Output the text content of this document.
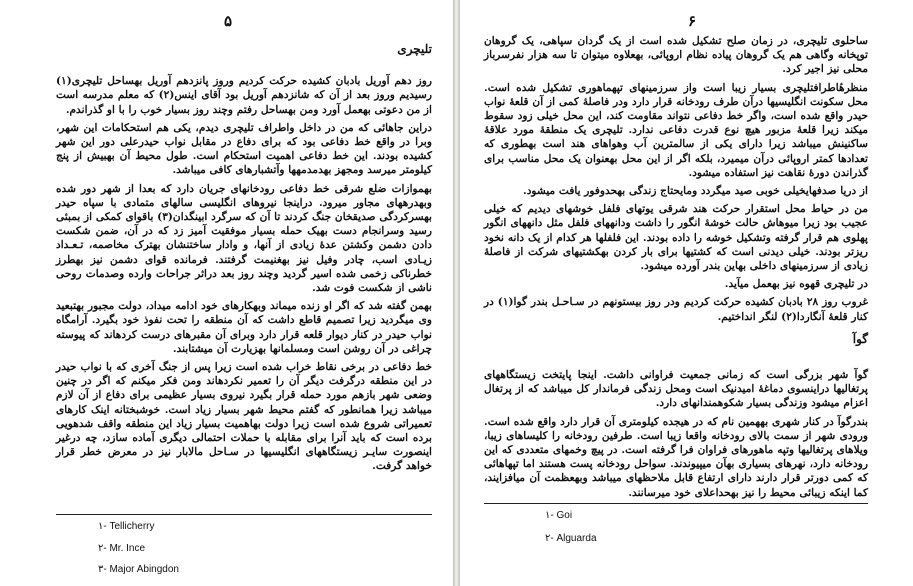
۵
تلیچری

روز دهم آوریل بادبان کشیده حرکت کردیم وروز پانزدهم آوریل بهساحل تلیچری(۱) رسیدیم وروز بعد از آن که شانزدهم آوریل بود آقای اینس(۲) که معلم مدرسه است از من دعوتی بهعمل آورد ومن بهساحل رفتم وچند روز بسیار خوب را با او گذراندم.

دراین جاهائی که من در داخل واطراف تلیچری دیدم، یکی هم استحکامات این شهر، وبرا در واقع خط دفاعی بود که برای دفاع در مقابل نواب حیدرعلی دور این شهر کشیده بودند. این خط دفاعی اهمیت استحکام است. طول محیط آن بهبیش از پنج کیلومتر میرسد ومجهز بهدمدمهها وآتشبارهای کافی میباشد.

بهموازات ضلع شرقی خط دفاعی رودخانهای جریان دارد که بعدا از شهر دور شده وبهدرههای مجاور میرود. دراینجا نیروهای انگلیسی سالهای متمادی با سپاه حیدر بهسرکردگی صدیقخان جنگ کردند تا آن که سرگرد ابینگدان(۳) باقوای کمکی از بمبئی رسید وسرانجام دست بهیک حمله بسیار موفقیت آمیز زد که در آن، ضمن شکست دادن دشمن وکشتن عدهٔ زیادی از آنها، و وادار ساختنشان بهترک مخاصمه، تـعـداد زیـادی اسب، چادر وفیل نیز بهغنیمت گرفتند. فرمانده قوای دشمن نیز بهطرز خطرناکی زخمی شده اسیر گردید وچند روز بعد دراثر جراحات وارده وصدمات روحی ناشی از شکست فوت شد.

بهمن گفته شد که اگر او زنده میماند وبهکارهای خود ادامه میداد، دولت مجبور بهتبعید وی میگردید زیرا تصمیم قاطع داشت که آن منطقه را تحت نفوذ خود بگیرد. آرامگاه نواب حیدر در کنار دیوار قلعه قرار دارد وبرای آن مقبرهای درست کردهاند که پیوسته چراغی در آن روشن است ومسلمانها بهزیارت آن میشتابند.

خط دفاعی در برخی نقاط خراب شده است زیرا پس از جنگ آخری که با نواب حیدر در این منطقه درگرفت دیگر آن را تعمیر نکردهاند ومن فکر میکنم که اگر در چنین وضعی شهر بازهم مورد حمله قرار بگیرد نیروی بسیار عظیمی برای دفاع از آن لازم میباشد زیرا همانطور که گفتم محیط شهر بسیار زیاد است. خوشبختانه اینک کارهای تعمیراتی شروع شده است زیرا دولت بهاهمیت بسیار زیاد این منطقه واقف شدهویی برده است که باید آنرا برای مقابله با حملات احتمالی دیگری آماده سازد، چه درغیر اینصورت سایـر زیستگاههای انگلیسیها در سـاحل مالابار نیز در معرض خطر قرار خواهد گرفت.

۱- Tellicherry
۲- Mr. Ince
۳- Major Abingdon
۶

ساحلوی تلیچری، در زمان صلح تشکیل شده است از یک گردان سپاهی، یک گروهان توپخانه وگاهی هم یک گروهان پیاده نظام اروپائی، بهعلاوه میتوان تا سه هزار نفرسرباز محلی نیز اجیر کرد.

منظرهٔاطرافتلیچری بسیار زیبا است واز سرزمینهای تپهماهوری تشکیل شده است. محل سکونت انگلیسیها درآن طرف رودخانه قرار دارد ودر فاصلهٔ کمی از آن قلعهٔ نواب حیدر واقع شده است، واگر خط دفاعی نتواند مقاومت کند، این محل خیلی زود سقوط میکند زیرا قلعهٔ مزبور هیچ نوع قدرت دفاعی ندارد. تلیچری یک منطقهٔ مورد علاقهٔ ساکنینش میباشد زیرا دارای یکی از سالمترین آب وهواهای هند است بهطوری که تعدادها کمتر اروپائی درآن میمیرد، بلکه اگر از این محل بهعنوان یک محل مناسب برای گذراندن دورهٔ نقاهت نیز استفاده میشود.

از دریا صدفهایخیلی خوبی صید میگردد ومایحتاج زندگی بهحدوفور یافت میشود.

من در حیاط محل استقرار حرکت هند شرقی یوتهای فلفل خوشهای دیدیم که خیلی عجیب بود زیرا میوهاش حالت خوشهٔ انگور را داشت ودانههای فلفل مثل دانههای انگور پهلوی هم قرار گرفته وتشکیل خوشه را داده بودند. این فلفلها هر کدام از یک دانه نخود ریزتر بودند. خیلی دیدنی است که کشتیها برای بار کردن بهکشتیهای شرکت از فاصلهٔ زیادی از سرزمینهای داخلی بهاین بندر آورده میشود.

در تلیچری قهوه نیز بهعمل میآید.

غروب روز ۲۸ بادبان کشیده حرکت کردیم ودر روز بیستونهم در سـاحـل بندر گوا(۱) در کنار قلعهٔ آنگاردا(۲) لنگر انداختیم.

گوآ

گوآ شهر بزرگی است که زمانی جمعیت فراوانی داشت. اینجا پایتخت زیستگاههای پرتغالیها دراینسوی دماغهٔ امیدنیک است ومحل زندگی فرماندار کل میباشد که از پرتغال اعزام میشود وزندگی بسیار شکوهمندانهای دارد.

بندرگوآ در کنار شهری بههمین نام که در هیجده کیلومتری آن قرار دارد واقع شده است. ورودی شهر از سمت بالای رودخانه واقعا زیبا است. طرفین رودخانه را کلیساهای زیبا، ویلاهای پرتغالیها وتپه ماهورهای فراوان فرا گرفته است. در پیچ وخمهای متعددی که این رودخانه دارد، نهرهای بسیاری بهآن میپیوندند. سواحل رودخانه پست هستند اما تپهاهائی که کمی دورتر قرار دارند دارای ارتفاع قابل ملاحظهای میباشد وبهعظمت آن میافزایند، کما اینکه زیبائی محیط را نیز بهحداعلای خود میرسانند.

۱- Goi
۲- Alguarda
